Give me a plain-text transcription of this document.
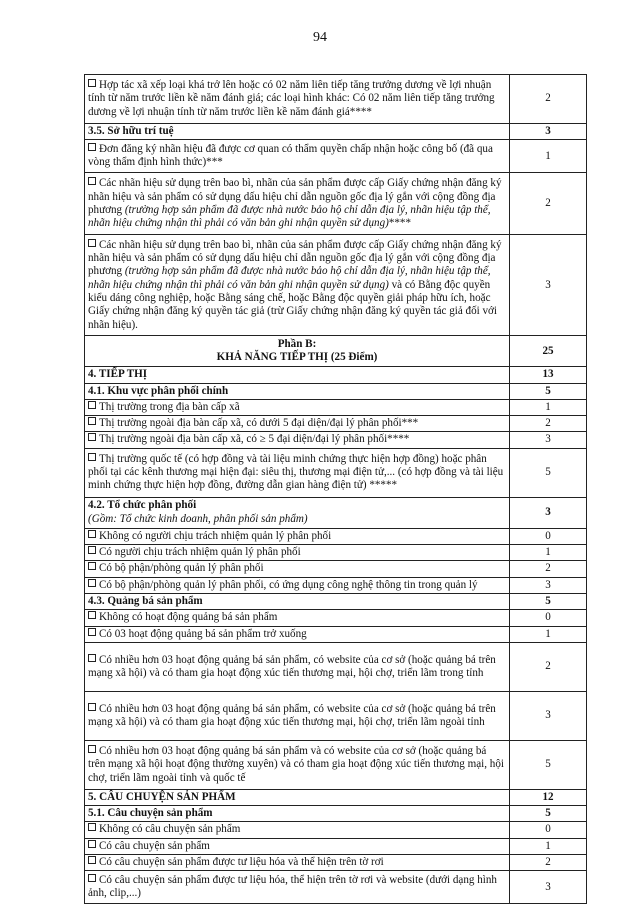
94
Hợp tác xã xếp loại khá trở lên hoặc có 02 năm liên tiếp tăng trưởng dương về lợi nhuận tính từ năm trước liền kề năm đánh giá; các loại hình khác: Có 02 năm liên tiếp tăng trưởng dương về lợi nhuận tính từ năm trước liền kề năm đánh giá****	2
3.5. Sở hữu trí tuệ	3
Đơn đăng ký nhãn hiệu đã được cơ quan có thẩm quyền chấp nhận hoặc công bố (đã qua vòng thẩm định hình thức)***	1
Các nhãn hiệu sử dụng trên bao bì, nhãn của sản phẩm được cấp Giấy chứng nhận đăng ký nhãn hiệu và sản phẩm có sử dụng dấu hiệu chỉ dẫn nguồn gốc địa lý gắn với cộng đồng địa phương (trường hợp sản phẩm đã được nhà nước bảo hộ chỉ dẫn địa lý, nhãn hiệu tập thể, nhãn hiệu chứng nhận thì phải có văn bản ghi nhận quyền sử dụng)****	2
Các nhãn hiệu sử dụng trên bao bì, nhãn của sản phẩm được cấp Giấy chứng nhận đăng ký nhãn hiệu và sản phẩm có sử dụng dấu hiệu chỉ dẫn nguồn gốc địa lý gắn với cộng đồng địa phương (trường hợp sản phẩm đã được nhà nước bảo hộ chỉ dẫn địa lý, nhãn hiệu tập thể, nhãn hiệu chứng nhận thì phải có văn bản ghi nhận quyền sử dụng) và có Bằng độc quyền kiểu dáng công nghiệp, hoặc Bằng sáng chế, hoặc Bằng độc quyền giải pháp hữu ích, hoặc Giấy chứng nhận đăng ký quyền tác giả (trừ Giấy chứng nhận đăng ký quyền tác giả đối với nhãn hiệu).	3

Phần B:
KHẢ NĂNG TIẾP THỊ (25 Điểm)	25
4. TIẾP THỊ	13
4.1. Khu vực phân phối chính	5
Thị trường trong địa bàn cấp xã	1
Thị trường ngoài địa bàn cấp xã, có dưới 5 đại diện/đại lý phân phối***	2
Thị trường ngoài địa bàn cấp xã, có ≥ 5 đại diện/đại lý phân phối****	3
Thị trường quốc tế (có hợp đồng và tài liệu minh chứng thực hiện hợp đồng) hoặc phân phối tại các kênh thương mại hiện đại: siêu thị, thương mại điện tử,... (có hợp đồng và tài liệu minh chứng thực hiện hợp đồng, đường dẫn gian hàng điện tử) *****	5

4.2. Tổ chức phân phối
(Gồm: Tổ chức kinh doanh, phân phối sản phẩm)	3
Không có người chịu trách nhiệm quản lý phân phối	0
Có người chịu trách nhiệm quản lý phân phối	1
Có bộ phận/phòng quản lý phân phối	2
Có bộ phận/phòng quản lý phân phối, có ứng dụng công nghệ thông tin trong quản lý	3
4.3. Quảng bá sản phẩm	5
Không có hoạt động quảng bá sản phẩm	0
Có 03 hoạt động quảng bá sản phẩm trở xuống	1
Có nhiều hơn 03 hoạt động quảng bá sản phẩm, có website của cơ sở (hoặc quảng bá trên mạng xã hội) và có tham gia hoạt động xúc tiến thương mại, hội chợ, triển lãm trong tỉnh	2
Có nhiều hơn 03 hoạt động quảng bá sản phẩm, có website của cơ sở (hoặc quảng bá trên mạng xã hội) và có tham gia hoạt động xúc tiến thương mại, hội chợ, triển lãm ngoài tỉnh	3
Có nhiều hơn 03 hoạt động quảng bá sản phẩm và có website của cơ sở (hoặc quảng bá trên mạng xã hội hoạt động thường xuyên) và có tham gia hoạt động xúc tiến thương mại, hội chợ, triển lãm ngoài tỉnh và quốc tế	5
5. CÂU CHUYỆN SẢN PHẨM	12
5.1. Câu chuyện sản phẩm	5
Không có câu chuyện sản phẩm	0
Có câu chuyện sản phẩm	1
Có câu chuyện sản phẩm được tư liệu hóa và thể hiện trên tờ rơi	2
Có câu chuyện sản phẩm được tư liệu hóa, thể hiện trên tờ rơi và website (dưới dạng hình ảnh, clip,...)	3
